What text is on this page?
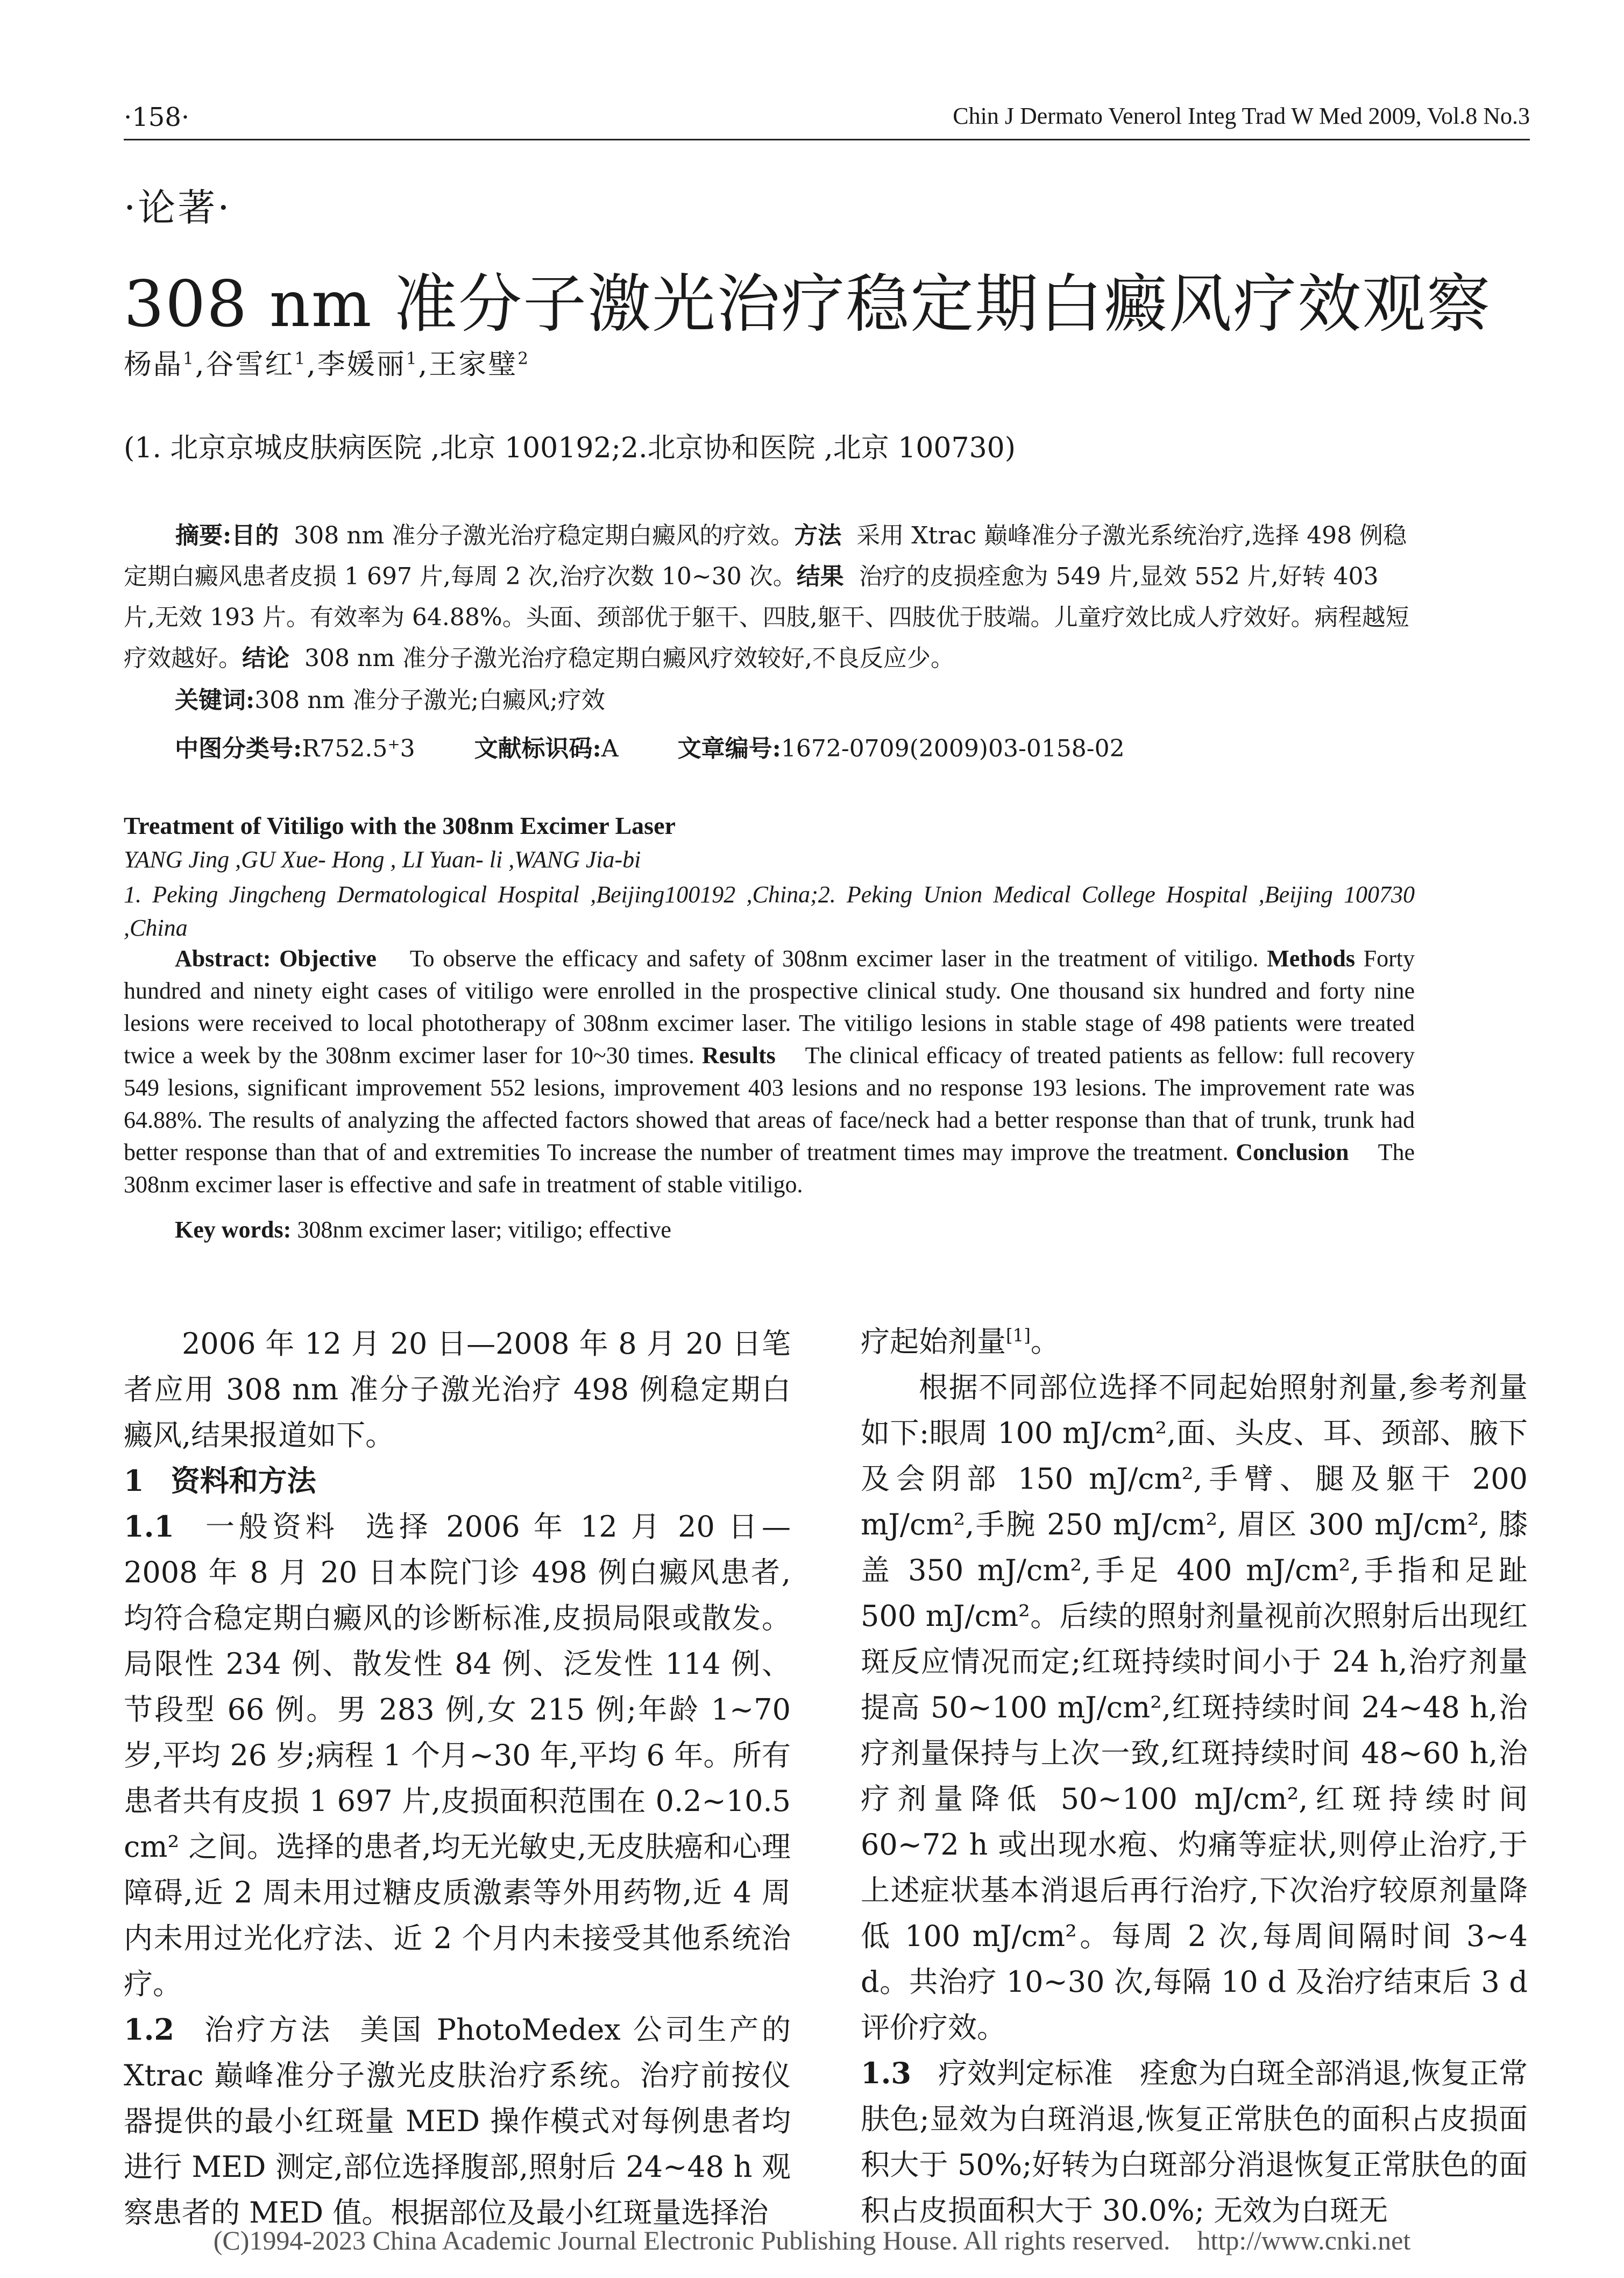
·158·	Chin J Dermato Venerol Integ Trad W Med 2009, Vol.8 No.3
·论著·
308 nm 准分子激光治疗稳定期白癜风疗效观察
杨晶$^1$,谷雪红$^1$,李媛丽$^1$,王家璧$^2$
(1. 北京京城皮肤病医院 ,北京 100192;2.北京协和医院 ,北京 100730)
摘要:目的 308 nm 准分子激光治疗稳定期白癜风的疗效。方法 采用 Xtrac 巅峰准分子激光系统治疗,选择 498 例稳定期白癜风患者皮损 1 697 片,每周 2 次,治疗次数 10~30 次。结果 治疗的皮损痊愈为 549 片,显效 552 片,好转 403 片,无效 193 片。有效率为 64.88%。头面、颈部优于躯干、四肢,躯干、四肢优于肢端。儿童疗效比成人疗效好。病程越短疗效越好。结论 308 nm 准分子激光治疗稳定期白癜风疗效较好,不良反应少。
关键词:308 nm 准分子激光;白癜风;疗效
中图分类号:R752.5⁺3	文献标识码:A	文章编号:1672-0709(2009)03-0158-02
Treatment of Vitiligo with the 308nm Excimer Laser
YANG Jing ,GU Xue- Hong , LI Yuan- li ,WANG Jia-bi
1. Peking Jingcheng Dermatological Hospital ,Beijing100192 ,China;2. Peking Union Medical College Hospital ,Beijing 100730 ,China
Abstract: Objective To observe the efficacy and safety of 308nm excimer laser in the treatment of vitiligo. Methods Forty hundred and ninety eight cases of vitiligo were enrolled in the prospective clinical study. One thousand six hundred and forty nine lesions were received to local phototherapy of 308nm excimer laser. The vitiligo lesions in stable stage of 498 patients were treated twice a week by the 308nm excimer laser for 10~30 times. Results The clinical efficacy of treated patients as fellow: full recovery 549 lesions, significant improvement 552 lesions, improvement 403 lesions and no response 193 lesions. The improvement rate was 64.88%. The results of analyzing the affected factors showed that areas of face/neck had a better response than that of trunk, trunk had better response than that of and extremities To increase the number of treatment times may improve the treatment. Conclusion The 308nm excimer laser is effective and safe in treatment of stable vitiligo.
Key words: 308nm excimer laser; vitiligo; effective

2006 年 12 月 20 日—2008 年 8 月 20 日笔者应用 308 nm 准分子激光治疗 498 例稳定期白癜风,结果报道如下。

1 资料和方法

1.1 一般资料 选择 2006 年 12 月 20 日—2008 年 8 月 20 日本院门诊 498 例白癜风患者, 均符合稳定期白癜风的诊断标准,皮损局限或散发。局限性 234 例、散发性 84 例、泛发性 114 例、节段型 66 例。男 283 例,女 215 例;年龄 1~70 岁,平均 26 岁;病程 1 个月~30 年,平均 6 年。所有患者共有皮损 1 697 片,皮损面积范围在 0.2~10.5 cm² 之间。选择的患者,均无光敏史,无皮肤癌和心理障碍,近 2 周未用过糖皮质激素等外用药物,近 4 周内未用过光化疗法、近 2 个月内未接受其他系统治疗。

1.2 治疗方法 美国 PhotoMedex 公司生产的 Xtrac 巅峰准分子激光皮肤治疗系统。治疗前按仪器提供的最小红斑量 MED 操作模式对每例患者均进行 MED 测定,部位选择腹部,照射后 24~48 h 观察患者的 MED 值。根据部位及最小红斑量选择治

疗起始剂量[1]。

根据不同部位选择不同起始照射剂量,参考剂量如下:眼周 100 mJ/cm²,面、头皮、耳、颈部、腋下及会阴部 150 mJ/cm²,手臂、腿及躯干 200 mJ/cm²,手腕 250 mJ/cm², 眉区 300 mJ/cm², 膝盖 350 mJ/cm²,手足 400 mJ/cm²,手指和足趾 500 mJ/cm²。后续的照射剂量视前次照射后出现红斑反应情况而定;红斑持续时间小于 24 h,治疗剂量提高 50~100 mJ/cm²,红斑持续时间 24~48 h,治疗剂量保持与上次一致,红斑持续时间 48~60 h,治疗剂量降低 50~100 mJ/cm²,红斑持续时间 60~72 h 或出现水疱、灼痛等症状,则停止治疗,于上述症状基本消退后再行治疗,下次治疗较原剂量降低 100 mJ/cm²。每周 2 次,每周间隔时间 3~4 d。共治疗 10~30 次,每隔 10 d 及治疗结束后 3 d 评价疗效。

1.3 疗效判定标准 痊愈为白斑全部消退,恢复正常肤色;显效为白斑消退,恢复正常肤色的面积占皮损面积大于 50%;好转为白斑部分消退恢复正常肤色的面积占皮损面积大于 30.0%; 无效为白斑无

(C)1994-2023 China Academic Journal Electronic Publishing House. All rights reserved.    http://www.cnki.net
